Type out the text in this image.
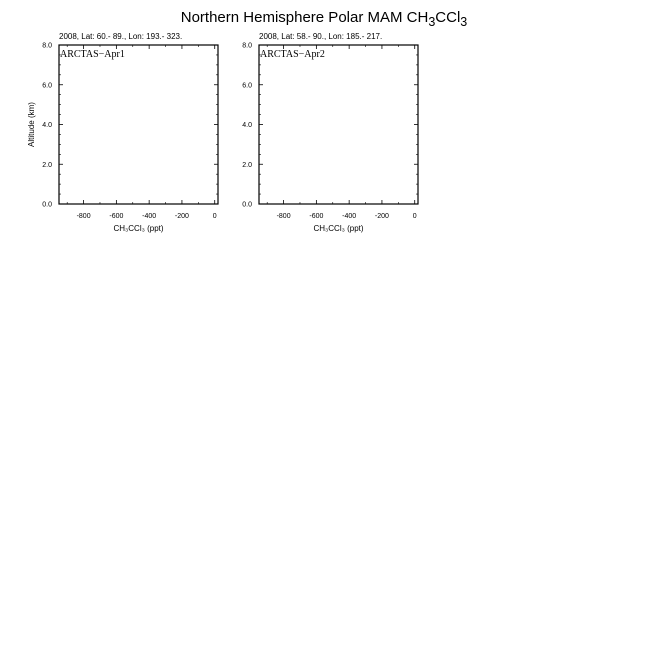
Northern Hemisphere Polar MAM $CH_3CCl_3$
2008, Lat: 60.- 89., Lon: 193.- 323.
-800	-600	-400	-200	0
0.0
2.0
4.0
6.0
8.0
ARCTAS−Apr1
CH₃CCl₃ (ppt)
Altitude (km)
2008, Lat: 58.- 90., Lon: 185.- 217.
-800	-600	-400	-200	0
0.0
2.0
4.0
6.0
8.0
ARCTAS−Apr2
CH₃CCl₃ (ppt)
